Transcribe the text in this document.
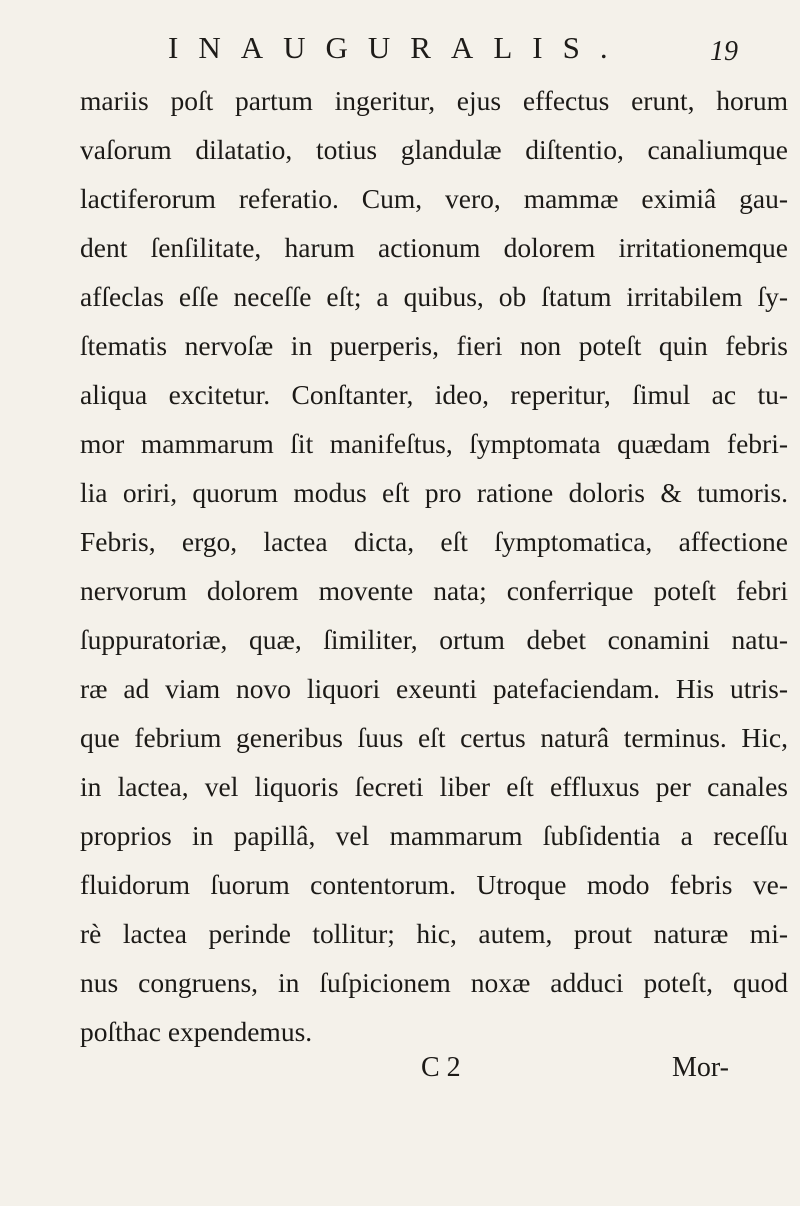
INAUGURALIS.	19
mariis poſt partum ingeritur, ejus effectus erunt, horum
vaſorum dilatatio, totius glandulæ diſtentio, canaliumque
lactiferorum referatio. Cum, vero, mammæ eximiâ gau-
dent ſenſilitate, harum actionum dolorem irritationemque
afſeclas eſſe neceſſe eſt; a quibus, ob ſtatum irritabilem ſy-
ſtematis nervoſæ in puerperis, fieri non poteſt quin febris
aliqua excitetur. Conſtanter, ideo, reperitur, ſimul ac tu-
mor mammarum ſit manifeſtus, ſymptomata quædam febri-
lia oriri, quorum modus eſt pro ratione doloris & tumoris.
Febris, ergo, lactea dicta, eſt ſymptomatica, affectione
nervorum dolorem movente nata; conferrique poteſt febri
ſuppuratoriæ, quæ, ſimiliter, ortum debet conamini natu-
ræ ad viam novo liquori exeunti patefaciendam. His utris-
que febrium generibus ſuus eſt certus naturâ terminus. Hic,
in lactea, vel liquoris ſecreti liber eſt effluxus per canales
proprios in papillâ, vel mammarum ſubſidentia a receſſu
fluidorum ſuorum contentorum. Utroque modo febris ve-
rè lactea perinde tollitur; hic, autem, prout naturæ mi-
nus congruens, in ſuſpicionem noxæ adduci poteſt, quod
poſthac expendemus.
C 2	Mor-
